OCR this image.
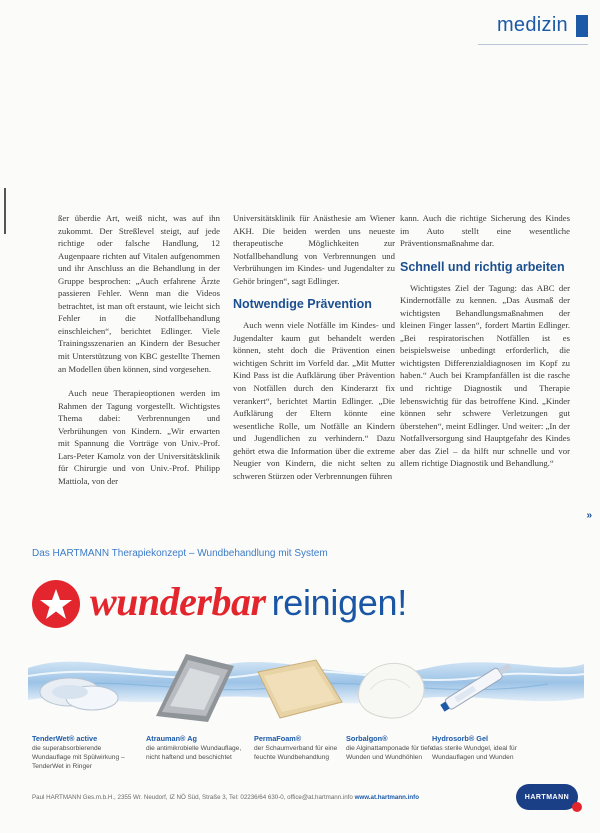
medizin

ßer überdie Art, weiß nicht, was auf ihn zukommt. Der Streßlevel steigt, auf jede richtige oder falsche Handlung, 12 Augenpaare richten auf Vitalen aufgenommen und ihr Anschluss an die Behandlung in der Gruppe besprochen: „Auch erfahrene Ärzte passieren Fehler. Wenn man die Videos betrachtet, ist man oft erstaunt, wie leicht sich Fehler in die Notfallbehandlung einschleichen“, berichtet Edlinger. Viele Trainingsszenarien an Kindern der Besucher mit Unterstützung von KBC gestellte Themen an Modellen üben können, sind vorgesehen.

Auch neue Therapieoptionen werden im Rahmen der Tagung vorgestellt. Wichtigstes Thema dabei: Verbrennungen und Verbrühungen von Kindern. „Wir erwarten mit Spannung die Vorträge von Univ.-Prof. Lars-Peter Kamolz von der Universitätsklinik für Chirurgie und von Univ.-Prof. Philipp Mattiola, von der

Universitätsklinik für Anästhesie am Wiener AKH. Die beiden werden uns neueste therapeutische Möglichkeiten zur Notfallbehandlung von Verbrennungen und Verbrühungen im Kindes- und Jugendalter zu Gehör bringen“, sagt Edlinger.

Notwendige Prävention

Auch wenn viele Notfälle im Kindes- und Jugendalter kaum gut behandelt werden können, steht doch die Prävention einen wichtigen Schritt im Vorfeld dar. „Mit Mutter Kind Pass ist die Aufklärung über Prävention von Notfällen durch den Kinderarzt fix verankert“, berichtet Martin Edlinger. „Die Aufklärung der Eltern könnte eine wesentliche Rolle, um Notfälle an Kindern und Jugendlichen zu verhindern.“ Dazu gehört etwa die Information über die extreme Neugier von Kindern, die nicht selten zu schweren Stürzen oder Verbrennungen führen

kann. Auch die richtige Sicherung des Kindes im Auto stellt eine wesentliche Präventionsmaßnahme dar.

Schnell und richtig arbeiten

Wichtigstes Ziel der Tagung: das ABC der Kindernotfälle zu kennen. „Das Ausmaß der wichtigsten Behandlungsmaßnahmen der kleinen Finger lassen“, fordert Martin Edlinger. „Bei respiratorischen Notfällen ist es beispielsweise unbedingt erforderlich, die wichtigsten Differenzialdiagnosen im Kopf zu haben.“ Auch bei Krampfanfällen ist die rasche und richtige Diagnostik und Therapie lebenswichtig für das betroffene Kind. „Kinder können sehr schwere Verletzungen gut überstehen“, meint Edlinger. Und weiter: „In der Notfallversorgung sind Hauptgefahr des Kindes aber das Ziel – da hilft nur schnelle und vor allem richtige Diagnostik und Behandlung.“

»
Das HARTMANN Therapiekonzept – Wundbehandlung mit System
wunderbar reinigen!
TenderWet® active
die superabsorbierende Wundauflage mit Spülwirkung – TenderWet in Ringer
Atrauman® Ag
die antimikrobielle Wundauflage, nicht haftend und beschichtet
PermaFoam®
der Schaumverband für eine feuchte Wundbehandlung
Sorbalgon®
die Alginattamponade für tiefe Wunden und Wundhöhlen
Hydrosorb® Gel
das sterile Wundgel, ideal für Wundauflagen und Wunden
Paul HARTMANN Ges.m.b.H., 2355 Wr. Neudorf, IZ NÖ Süd, Straße 3, Tel: 02236/64 630-0, office@at.hartmann.info www.at.hartmann.info	HARTMANN
